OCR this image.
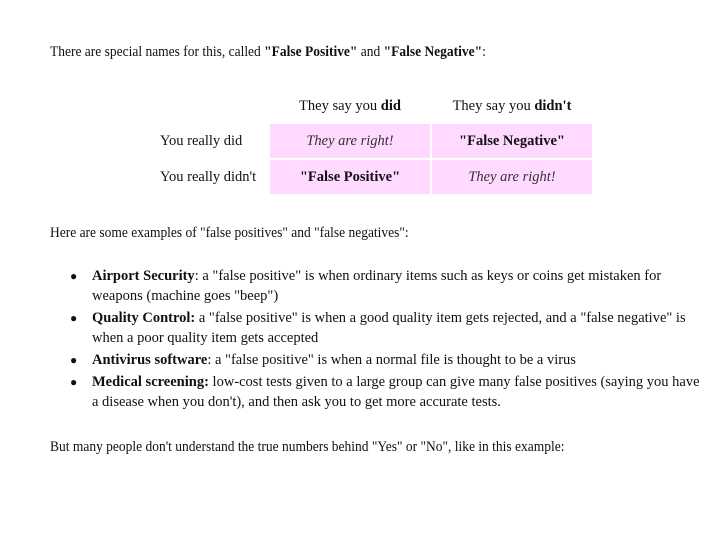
There are special names for this, called "False Positive" and "False Negative":

	They say you did	They say you didn't
You really did	They are right!	"False Negative"
You really didn't	"False Positive"	They are right!

Here are some examples of "false positives" and "false negatives":

● Airport Security: a "false positive" is when ordinary items such as keys or coins get mistaken for weapons (machine goes "beep")
● Quality Control: a "false positive" is when a good quality item gets rejected, and a "false negative" is when a poor quality item gets accepted
● Antivirus software: a "false positive" is when a normal file is thought to be a virus
● Medical screening: low-cost tests given to a large group can give many false positives (saying you have a disease when you don't), and then ask you to get more accurate tests.

But many people don't understand the true numbers behind "Yes" or "No", like in this example:
